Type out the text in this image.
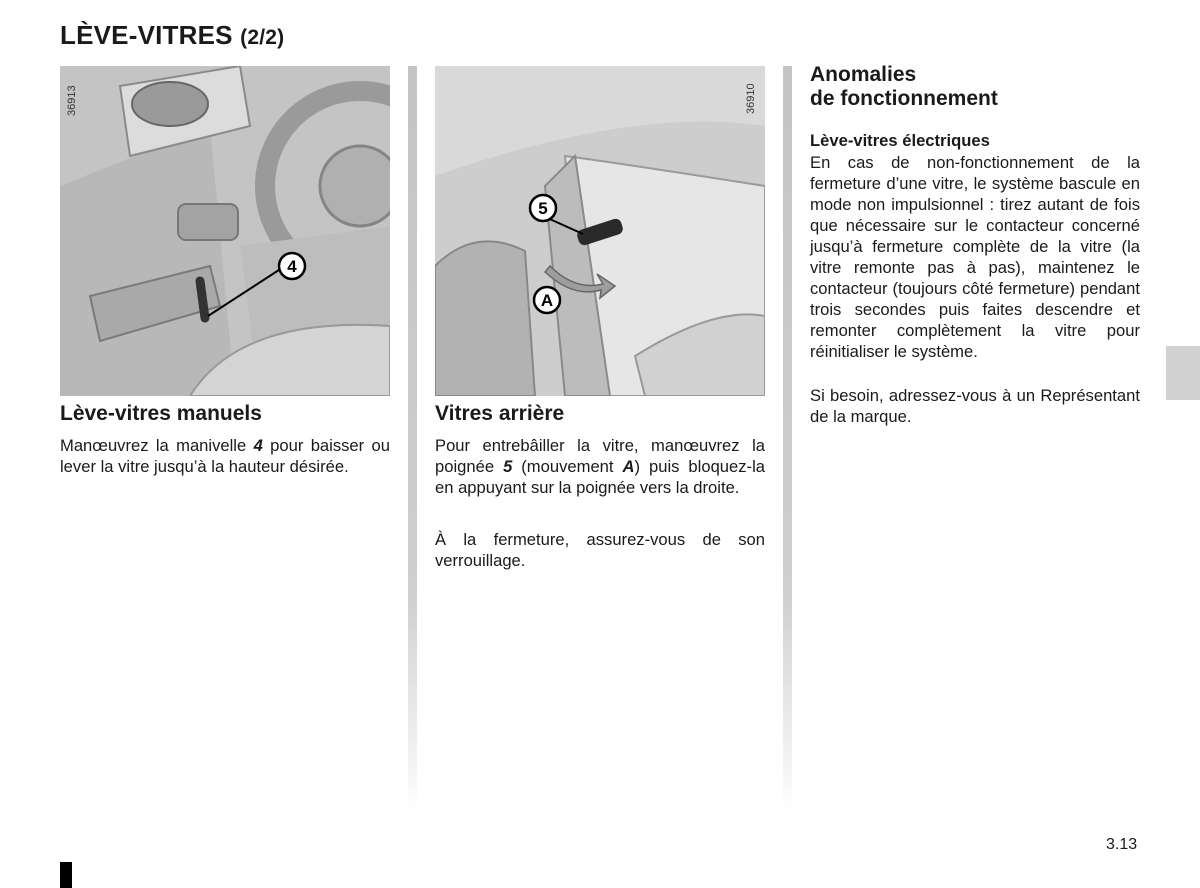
LÈVE-VITRES (2/2)
4
36913
5
A
36910
Lève-vitres manuels
Manœuvrez la manivelle 4 pour baisser ou lever la vitre jusqu’à la hauteur désirée.
Vitres arrière
Pour entrebâiller la vitre, manœuvrez la poignée 5 (mouvement A) puis bloquez-la en appuyant sur la poignée vers la droite.
À la fermeture, assurez-vous de son verrouillage.
Anomalies
de fonctionnement
Lève-vitres électriques
En cas de non-fonctionnement de la fermeture d’une vitre, le système bascule en mode non impulsionnel : tirez autant de fois que nécessaire sur le contacteur concerné jusqu’à fermeture complète de la vitre (la vitre remonte pas à pas), maintenez le contacteur (toujours côté fermeture) pendant trois secondes puis faites descendre et remonter complètement la vitre pour réinitialiser le système.
Si besoin, adressez-vous à un Représentant de la marque.
3.13
